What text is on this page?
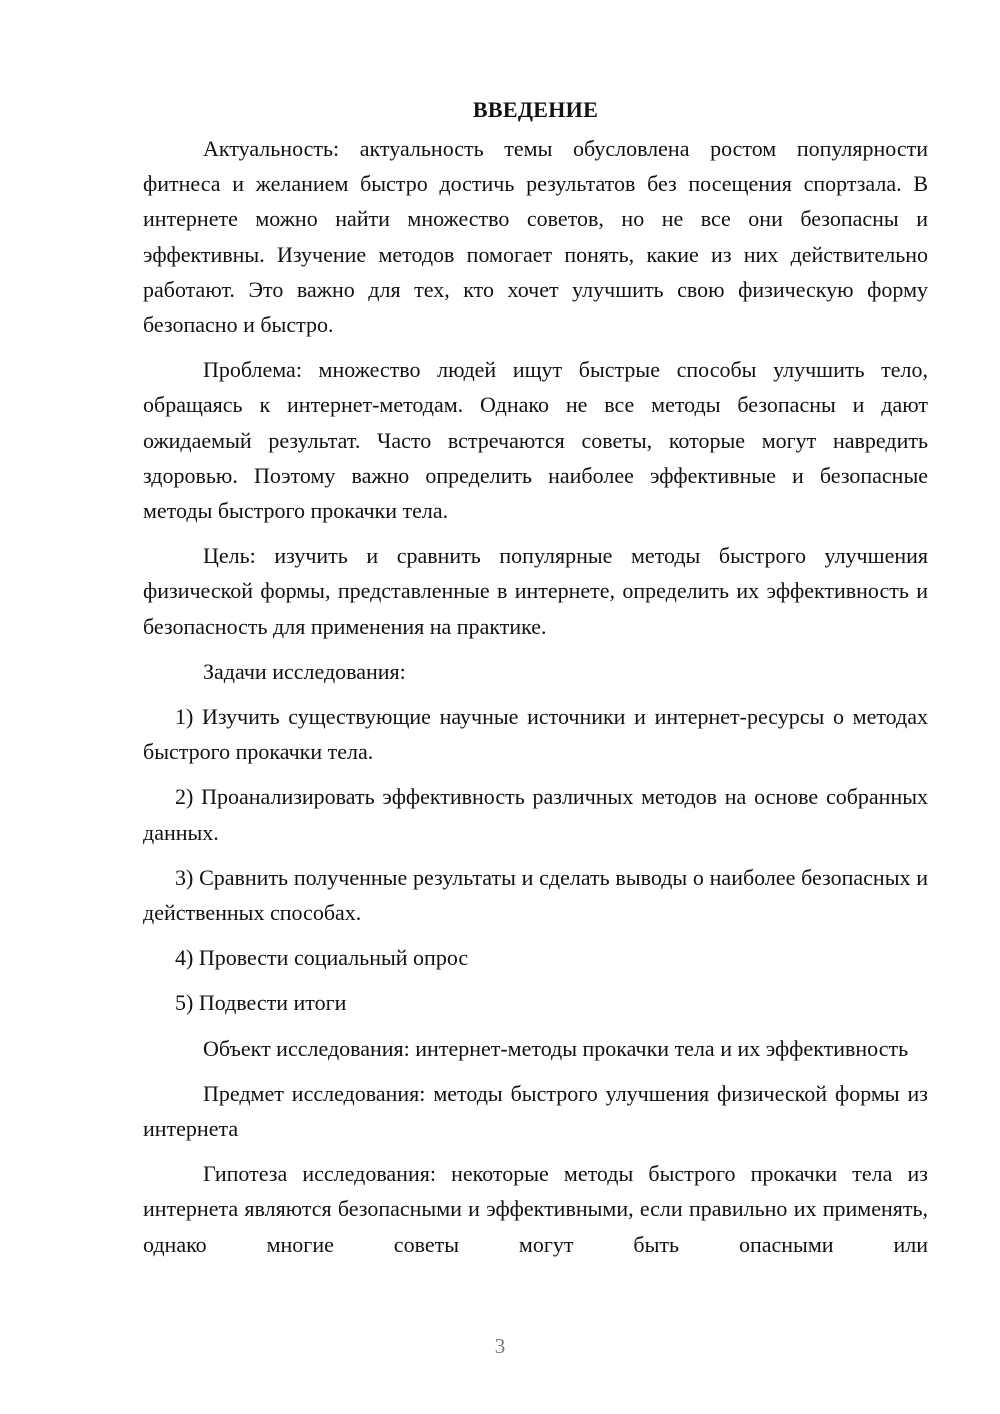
ВВЕДЕНИЕ

Актуальность: актуальность темы обусловлена ростом популярности фитнеса и желанием быстро достичь результатов без посещения спортзала. В интернете можно найти множество советов, но не все они безопасны и эффективны. Изучение методов помогает понять, какие из них действительно работают. Это важно для тех, кто хочет улучшить свою физическую форму безопасно и быстро.

Проблема: множество людей ищут быстрые способы улучшить тело, обращаясь к интернет-методам. Однако не все методы безопасны и дают ожидаемый результат. Часто встречаются советы, которые могут навредить здоровью. Поэтому важно определить наиболее эффективные и безопасные методы быстрого прокачки тела.

Цель: изучить и сравнить популярные методы быстрого улучшения физической формы, представленные в интернете, определить их эффективность и безопасность для применения на практике.

Задачи исследования:

1) Изучить существующие научные источники и интернет-ресурсы о методах быстрого прокачки тела.

2) Проанализировать эффективность различных методов на основе собранных данных.

3) Сравнить полученные результаты и сделать выводы о наиболее безопасных и действенных способах.

4) Провести социальный опрос

5) Подвести итоги

Объект исследования: интернет-методы прокачки тела и их эффективность

Предмет исследования: методы быстрого улучшения физической формы из интернета

Гипотеза исследования: некоторые методы быстрого прокачки тела из интернета являются безопасными и эффективными, если правильно их применять, однако многие советы могут быть опасными или

3
